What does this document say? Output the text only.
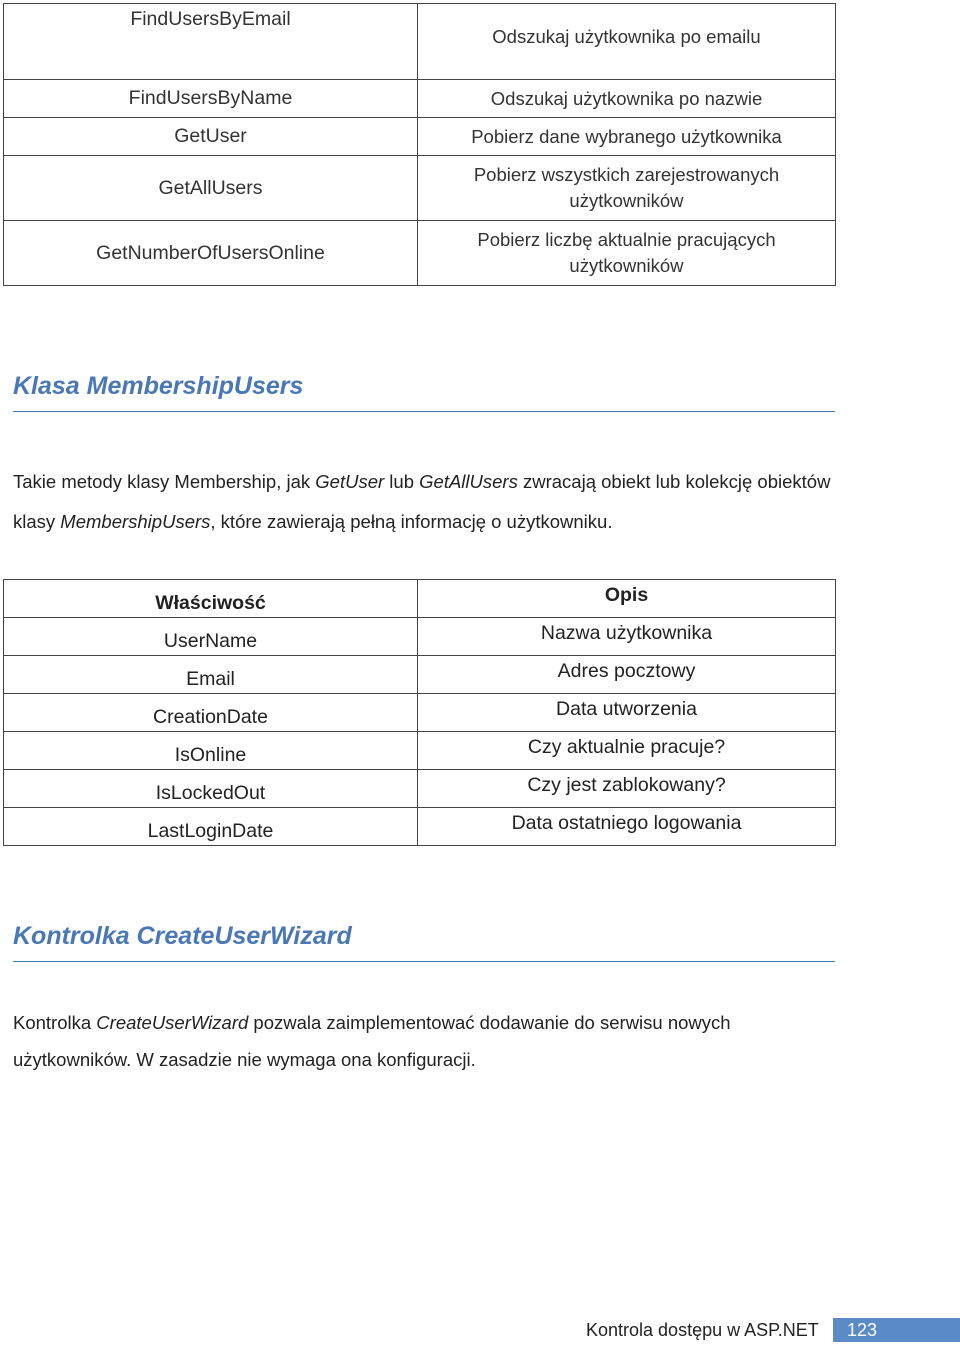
FindUsersByEmail	Odszukaj użytkownika po emailu
FindUsersByName	Odszukaj użytkownika po nazwie
GetUser	Pobierz dane wybranego użytkownika
GetAllUsers	Pobierz wszystkich zarejestrowanych użytkowników
GetNumberOfUsersOnline	Pobierz liczbę aktualnie pracujących użytkowników
Klasa MembershipUsers

Takie metody klasy Membership, jak GetUser lub GetAllUsers zwracają obiekt lub kolekcję obiektów klasy MembershipUsers, które zawierają pełną informację o użytkowniku.

Właściwość	Opis
UserName	Nazwa użytkownika
Email	Adres pocztowy
CreationDate	Data utworzenia
IsOnline	Czy aktualnie pracuje?
IsLockedOut	Czy jest zablokowany?
LastLoginDate	Data ostatniego logowania
Kontrolka CreateUserWizard

Kontrolka CreateUserWizard pozwala zaimplementować dodawanie do serwisu nowych użytkowników. W zasadzie nie wymaga ona konfiguracji.

Kontrola dostępu w ASP.NET	123
